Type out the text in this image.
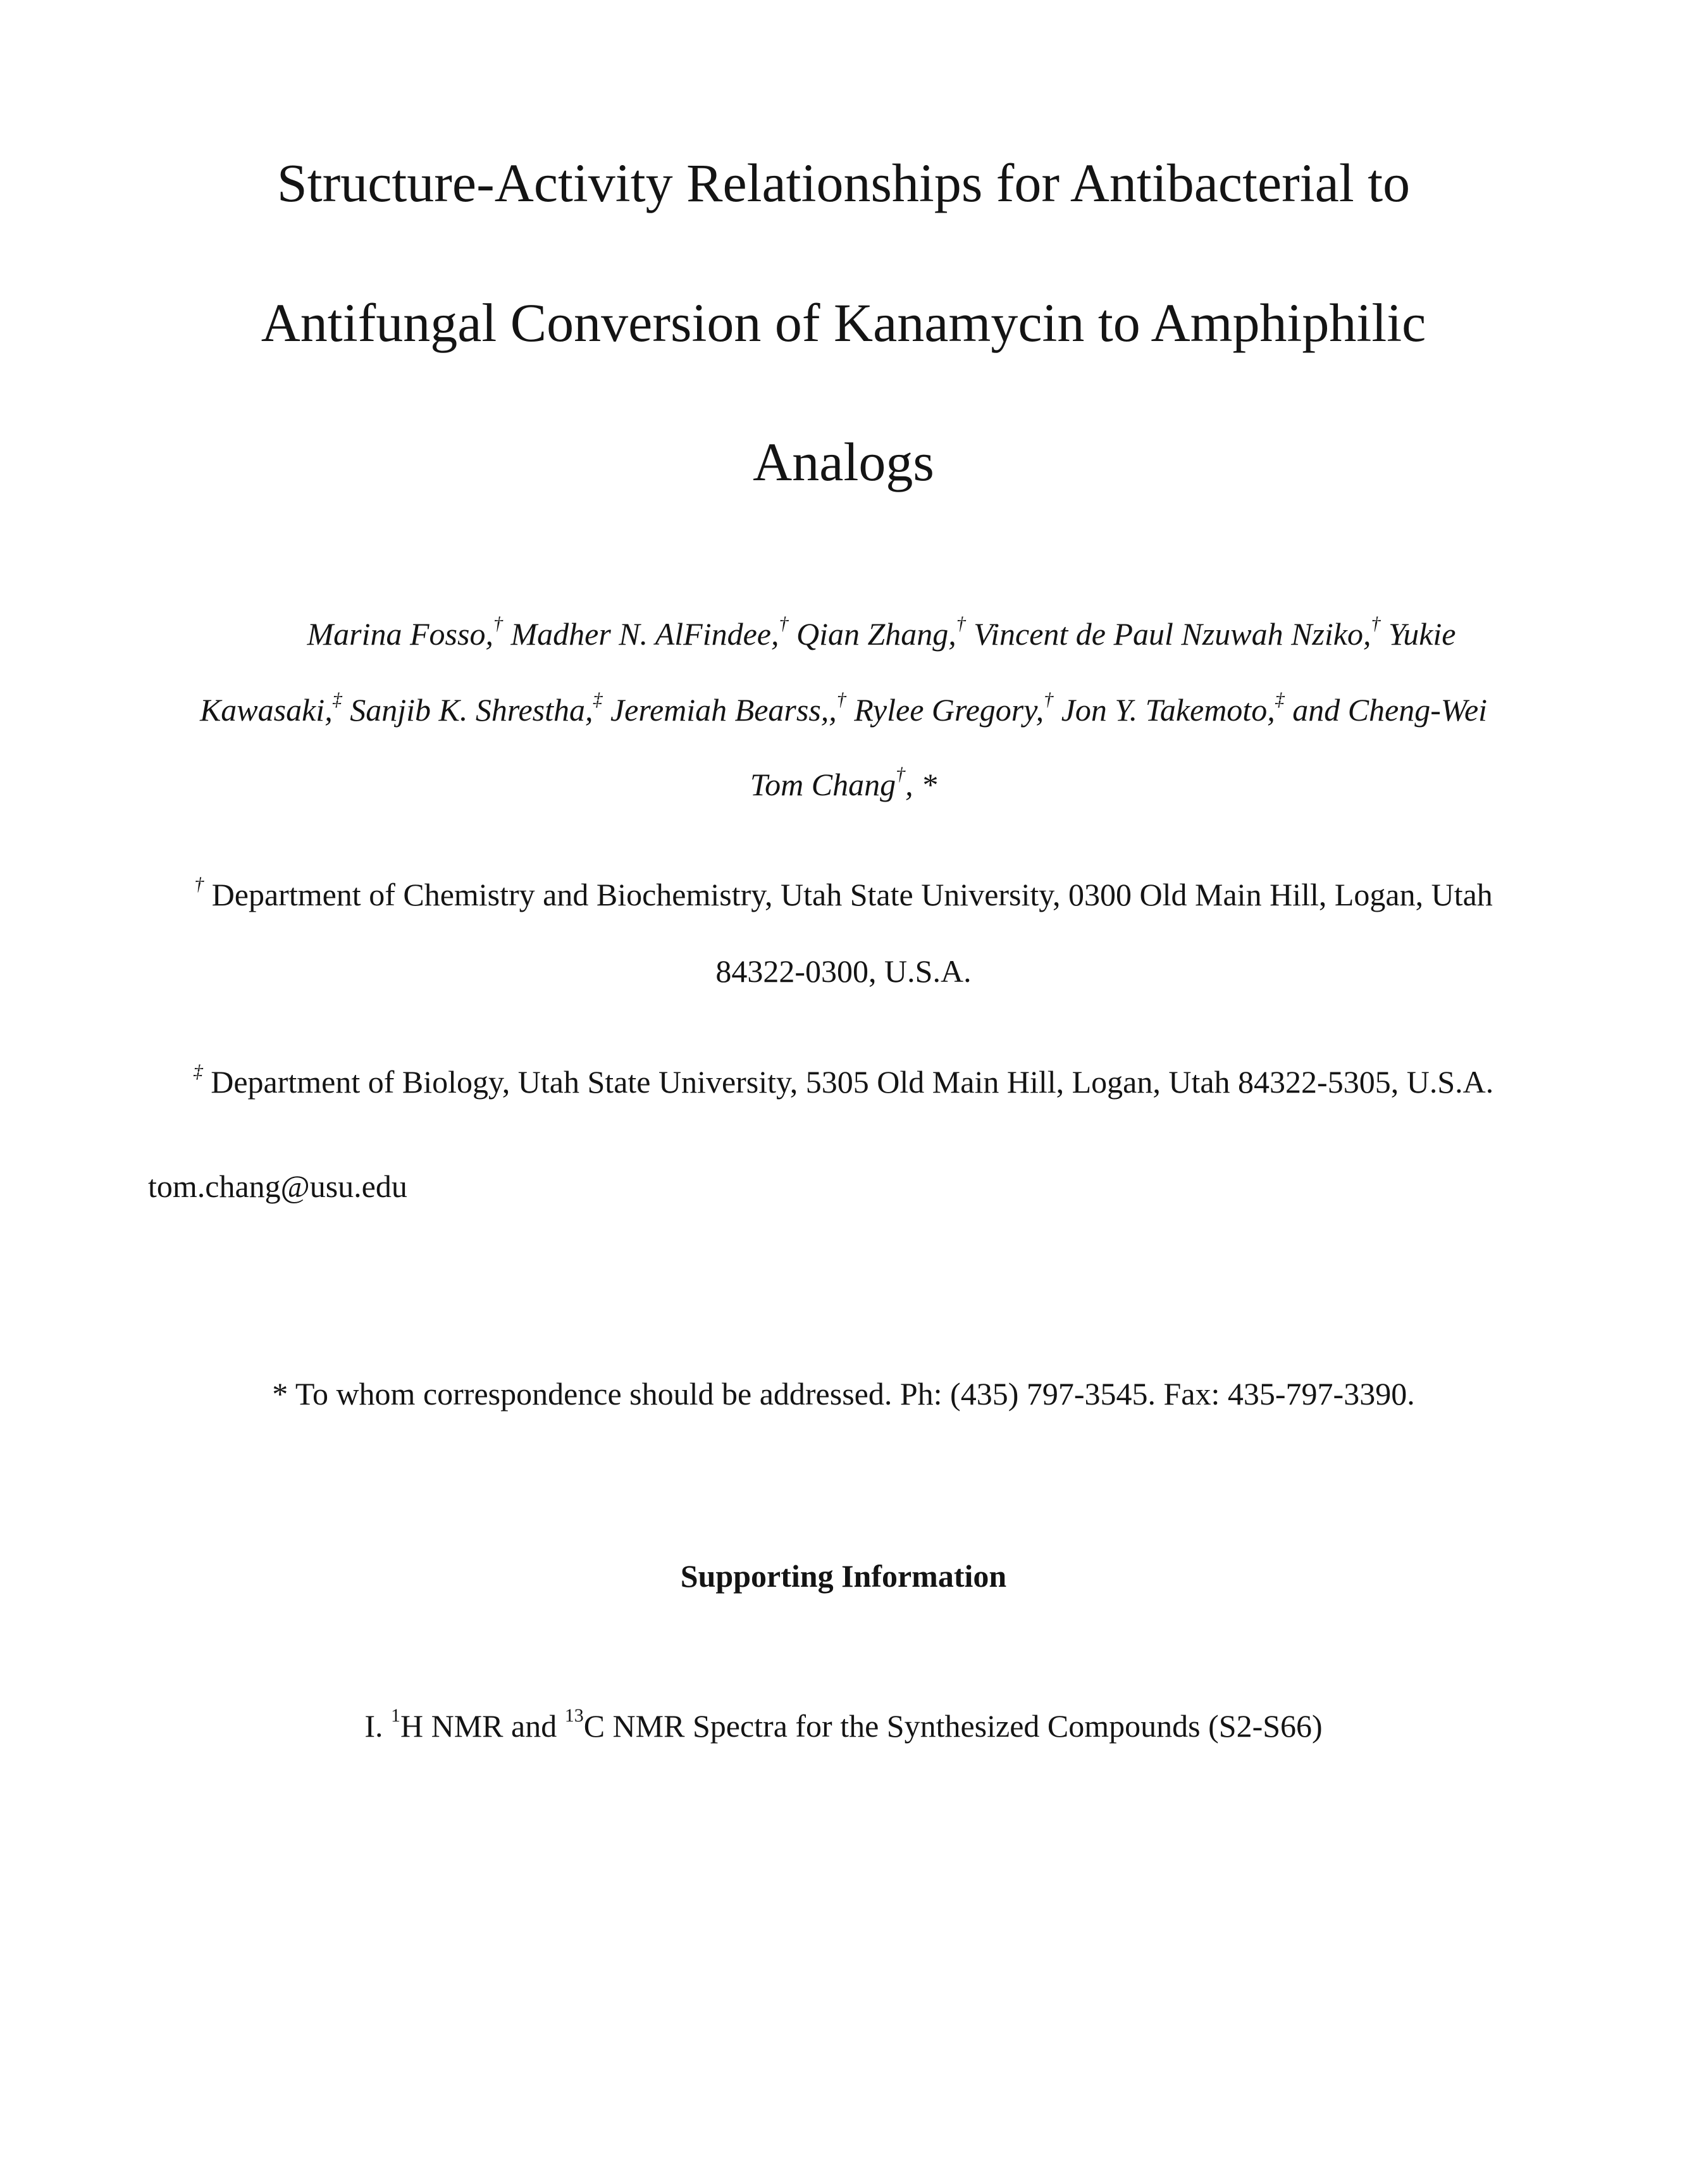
Structure-Activity Relationships for Antibacterial to
Antifungal Conversion of Kanamycin to Amphiphilic
Analogs
Marina Fosso,† Madher N. AlFindee,† Qian Zhang,† Vincent de Paul Nzuwah Nziko,† Yukie
Kawasaki,‡ Sanjib K. Shrestha,‡ Jeremiah Bearss,,† Rylee Gregory,† Jon Y. Takemoto,‡ and Cheng-Wei
Tom Chang†, *
† Department of Chemistry and Biochemistry, Utah State University, 0300 Old Main Hill, Logan, Utah
84322-0300, U.S.A.
‡ Department of Biology, Utah State University, 5305 Old Main Hill, Logan, Utah 84322-5305, U.S.A.
tom.chang@usu.edu
* To whom correspondence should be addressed. Ph: (435) 797-3545. Fax: 435-797-3390.
Supporting Information
I. $^1$H NMR and $^{13}$C NMR Spectra for the Synthesized Compounds (S2-S66)
